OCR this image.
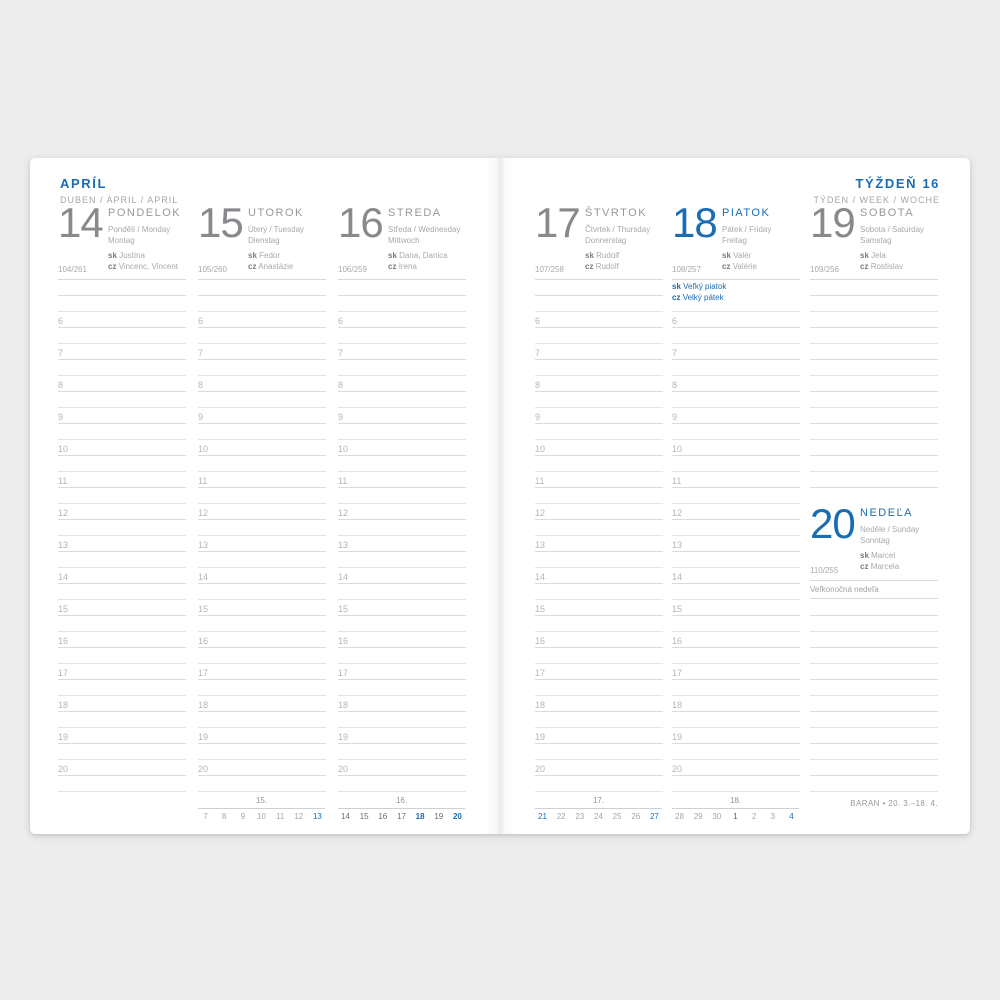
APRÍL
DUBEN / APRIL / APRIL
TÝŽDEŇ 16
TÝDEN / WEEK / WOCHE
14 PONDELOK
Pondělí / Monday
Montag
sk Justína
cz Vincenc, Vincent
104/261
6
7
8
9
10
11
12
13
14
15
16
17
18
19
20
15 UTOROK
Úterý / Tuesday
Dienstag
sk Fedor
cz Anastázie
105/260
6
7
8
9
10
11
12
13
14
15
16
17
18
19
20
16 STREDA
Středa / Wednesday
Mittwoch
sk Dana, Danica
cz Irena
106/259
6
7
8
9
10
11
12
13
14
15
16
17
18
19
20
17 ŠTVRTOK
Čtvrtek / Thursday
Donnerstag
sk Rudolf
cz Rudolf
107/258
6
7
8
9
10
11
12
13
14
15
16
17
18
19
20
18 PIATOK
Pátek / Friday
Freitag
sk Valér
cz Valérie
108/257
sk Veľký piatok
cz Velký pátek
6
7
8
9
10
11
12
13
14
15
16
17
18
19
20
19 SOBOTA
Sobota / Saturday
Samstag
sk Jela
cz Rostislav
109/256
20 NEDEĽA
Neděle / Sunday
Sonntag
sk Marcel
cz Marcela
110/255
Veľkonočná nedeľa
15.
7	8	9	10 11 12 13
16.
14 15 16 17 18 19 20
17.
21 22 23 24 25 26 27
18.
28 29 30	1	2	3	4
BARAN • 20. 3.–18. 4.
